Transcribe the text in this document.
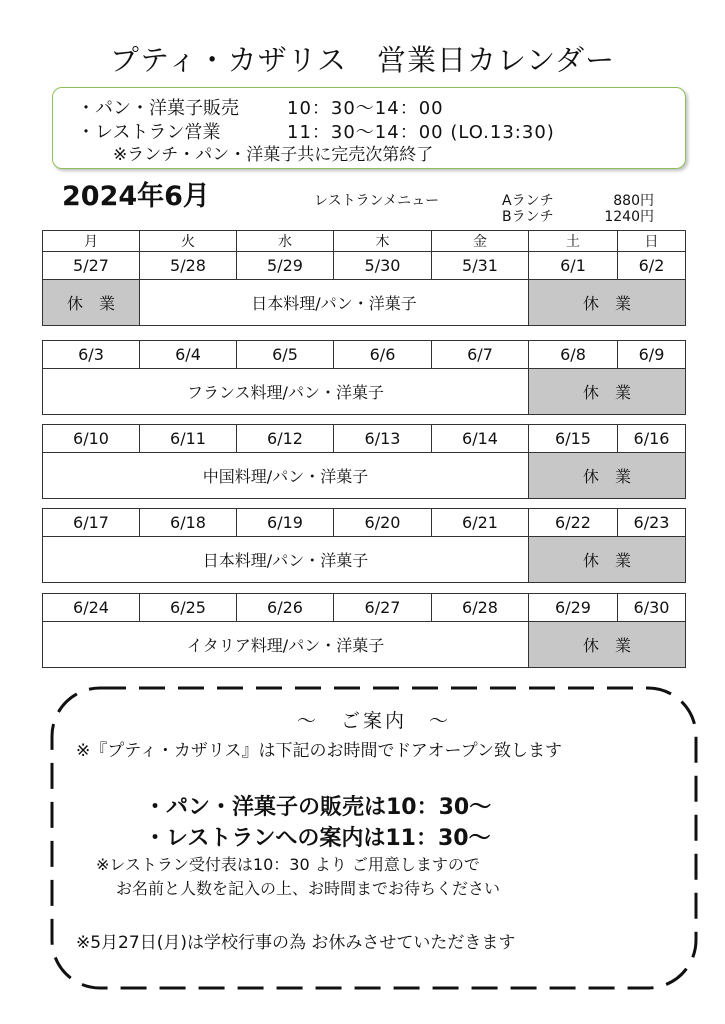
プティ・カザリス　営業日カレンダー
・パン・洋菓子販売	10：30〜14：00
・レストラン営業	11：30〜14：00 (LO.13:30)
※ランチ・パン・洋菓子共に完売次第終了
2024年6月	レストランメニュー	Aランチ	880円
Bランチ	1240円
月	火	水	木	金	土	日
5/27	5/28	5/29	5/30	5/31	6/1	6/2
休　業	日本料理/パン・洋菓子				休　業	
6/3	6/4	6/5	6/6	6/7	6/8	6/9
フランス料理/パン・洋菓子					休　業	
6/10	6/11	6/12	6/13	6/14	6/15	6/16
中国料理/パン・洋菓子					休　業	
6/17	6/18	6/19	6/20	6/21	6/22	6/23
日本料理/パン・洋菓子					休　業	
6/24	6/25	6/26	6/27	6/28	6/29	6/30
イタリア料理/パン・洋菓子					休　業	
〜　ご案内　〜
※『プティ・カザリス』は下記のお時間でドアオープン致します
・パン・洋菓子の販売は10：30〜
・レストランへの案内は11：30〜
※レストラン受付表は10：30 より ご用意しますので
お名前と人数を記入の上、お時間までお待ちください
※5月27日(月)は学校行事の為 お休みさせていただきます
